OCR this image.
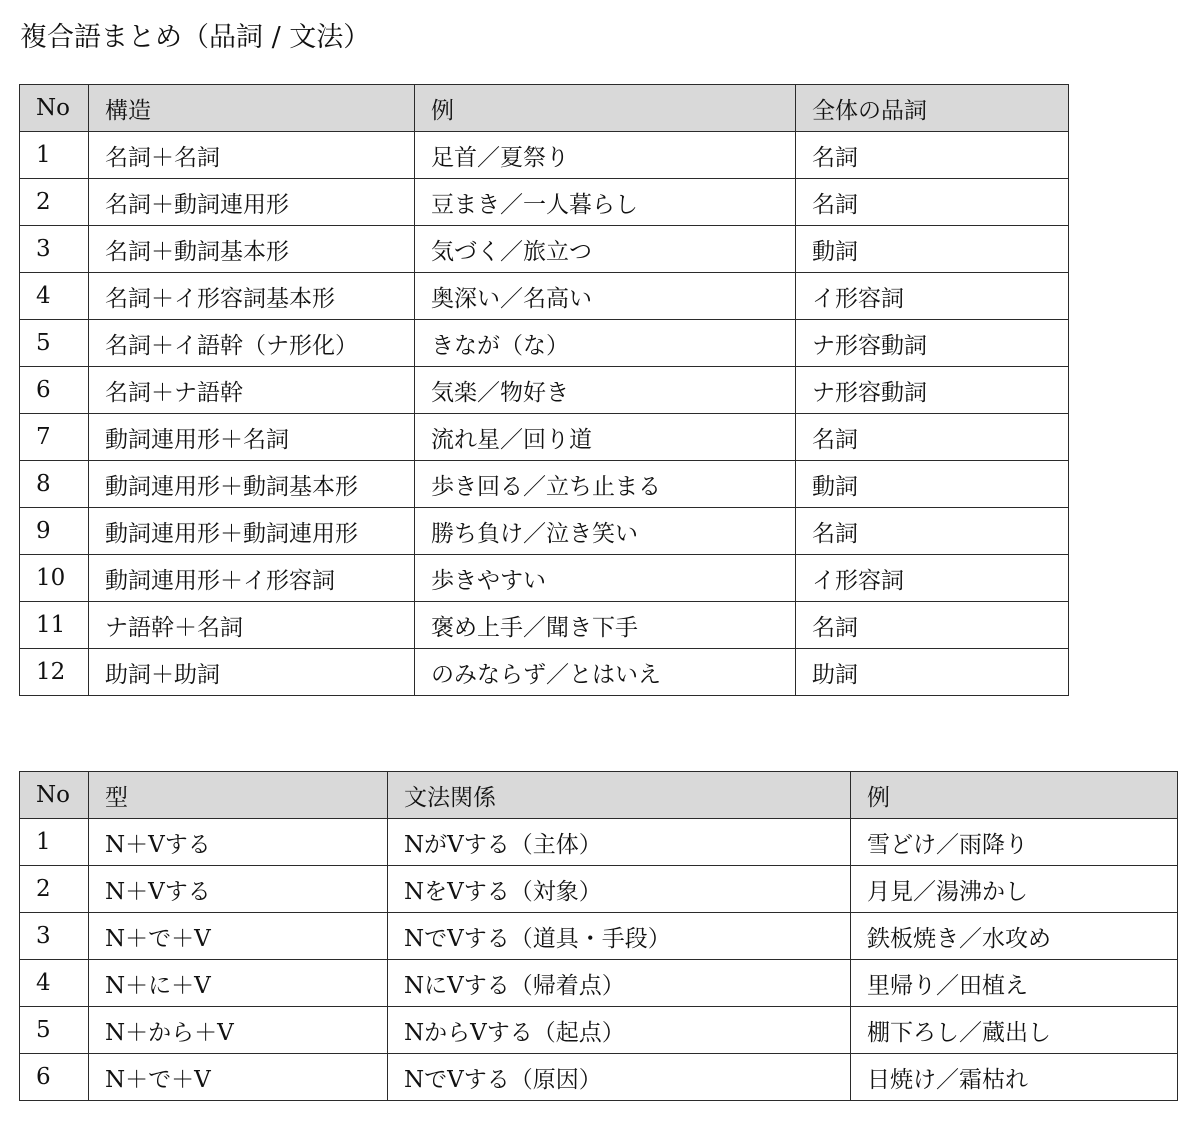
複合語まとめ（品詞 / 文法）
No	構造	例	全体の品詞
1	名詞＋名詞	足首／夏祭り	名詞
2	名詞＋動詞連用形	豆まき／一人暮らし	名詞
3	名詞＋動詞基本形	気づく／旅立つ	動詞
4	名詞＋イ形容詞基本形	奥深い／名高い	イ形容詞
5	名詞＋イ語幹（ナ形化）	きなが（な）	ナ形容動詞
6	名詞＋ナ語幹	気楽／物好き	ナ形容動詞
7	動詞連用形＋名詞	流れ星／回り道	名詞
8	動詞連用形＋動詞基本形	歩き回る／立ち止まる	動詞
9	動詞連用形＋動詞連用形	勝ち負け／泣き笑い	名詞
10	動詞連用形＋イ形容詞	歩きやすい	イ形容詞
11	ナ語幹＋名詞	褒め上手／聞き下手	名詞
12	助詞＋助詞	のみならず／とはいえ	助詞
No	型	文法関係	例
1	N＋Vする	NがVする（主体）	雪どけ／雨降り
2	N＋Vする	NをVする（対象）	月見／湯沸かし
3	N＋で＋V	NでVする（道具・手段）	鉄板焼き／水攻め
4	N＋に＋V	NにVする（帰着点）	里帰り／田植え
5	N＋から＋V	NからVする（起点）	棚下ろし／蔵出し
6	N＋で＋V	NでVする（原因）	日焼け／霜枯れ
